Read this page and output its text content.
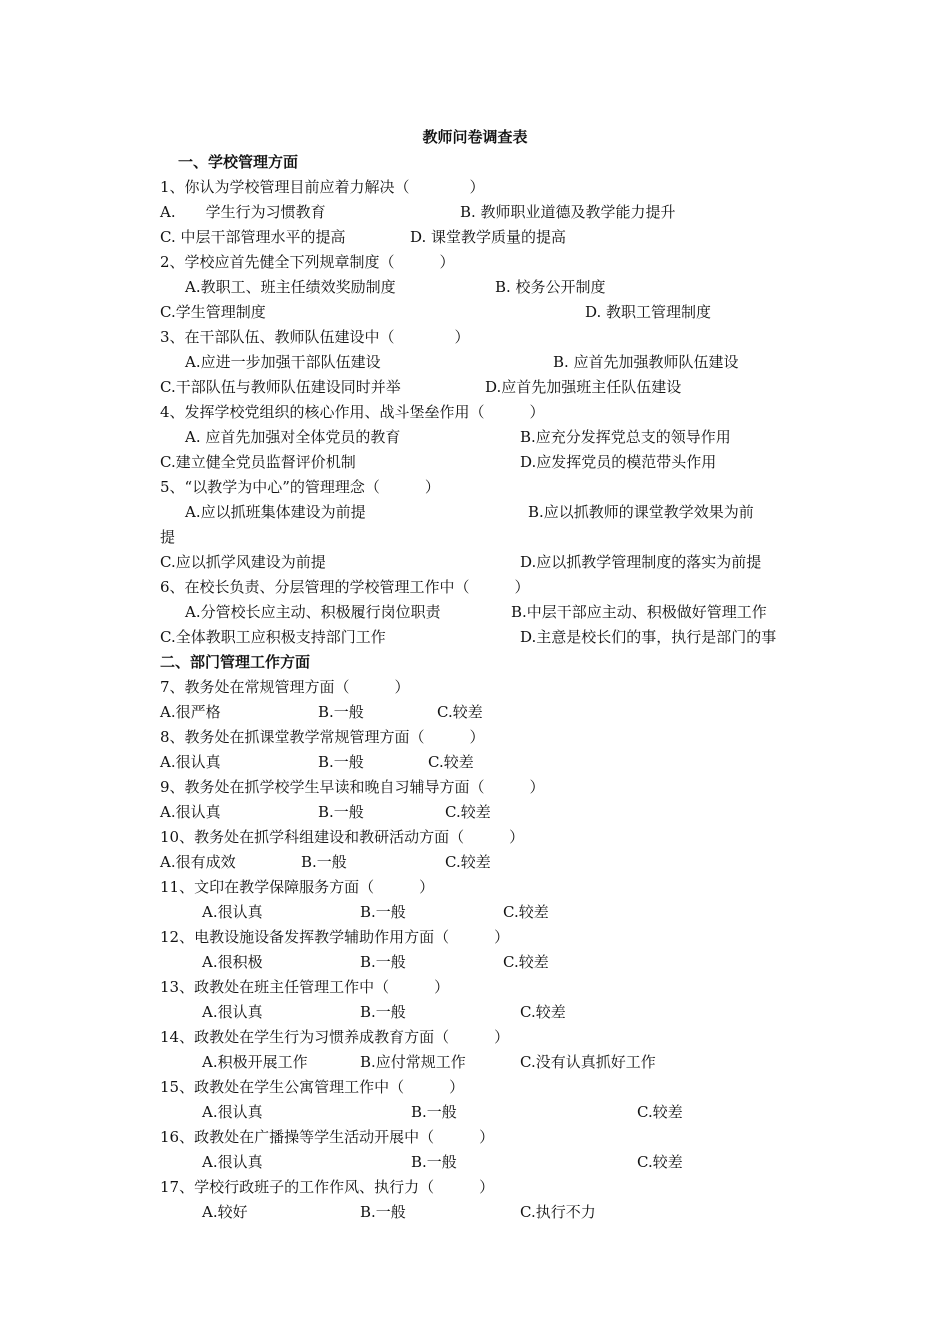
教师问卷调查表
一、学校管理方面
1、你认为学校管理目前应着力解决（　　　　）
A.　　学生行为习惯教育	B. 教师职业道德及教学能力提升
C. 中层干部管理水平的提高	D. 课堂教学质量的提高
2、学校应首先健全下列规章制度（　　　）
A.教职工、班主任绩效奖励制度	B. 校务公开制度
C.学生管理制度	D. 教职工管理制度
3、在干部队伍、教师队伍建设中（　　　　）
A.应进一步加强干部队伍建设	B. 应首先加强教师队伍建设
C.干部队伍与教师队伍建设同时并举	D.应首先加强班主任队伍建设
4、发挥学校党组织的核心作用、战斗堡垒作用（　　　）
A. 应首先加强对全体党员的教育	B.应充分发挥党总支的领导作用
C.建立健全党员监督评价机制	D.应发挥党员的模范带头作用
5、“以教学为中心”的管理理念（　　　）
A.应以抓班集体建设为前提	B.应以抓教师的课堂教学效果为前
提
C.应以抓学风建设为前提	D.应以抓教学管理制度的落实为前提
6、在校长负责、分层管理的学校管理工作中（　　　）
A.分管校长应主动、积极履行岗位职责	B.中层干部应主动、积极做好管理工作
C.全体教职工应积极支持部门工作	D.主意是校长们的事，执行是部门的事
二、部门管理工作方面
7、教务处在常规管理方面（　　　）
A.很严格	B.一般	C.较差
8、教务处在抓课堂教学常规管理方面（　　　）
A.很认真	B.一般	C.较差
9、教务处在抓学校学生早读和晚自习辅导方面（　　　）
A.很认真	B.一般	C.较差
10、教务处在抓学科组建设和教研活动方面（　　　）
A.很有成效	B.一般	C.较差
11、文印在教学保障服务方面（　　　）
A.很认真	B.一般	C.较差
12、电教设施设备发挥教学辅助作用方面（　　　）
A.很积极	B.一般	C.较差
13、政教处在班主任管理工作中（　　　）
A.很认真	B.一般	C.较差
14、政教处在学生行为习惯养成教育方面（　　　）
A.积极开展工作	B.应付常规工作	C.没有认真抓好工作
15、政教处在学生公寓管理工作中（　　　）
A.很认真	B.一般	C.较差
16、政教处在广播操等学生活动开展中（　　　）
A.很认真	B.一般	C.较差
17、学校行政班子的工作作风、执行力（　　　）
A.较好	B.一般	C.执行不力
